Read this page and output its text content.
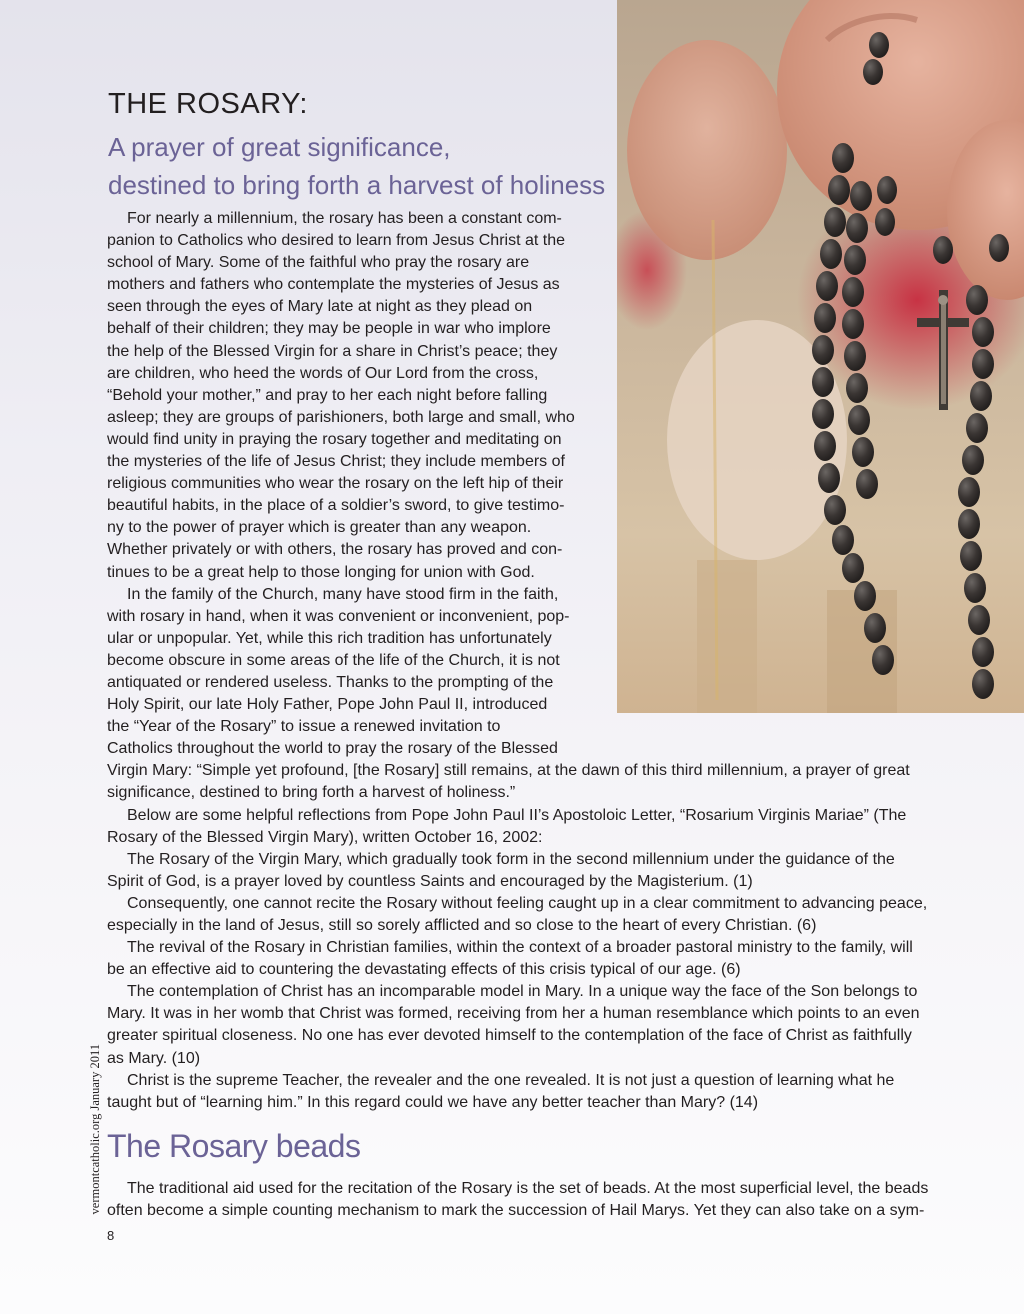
THE ROSARY:
A prayer of great significance,
destined to bring forth a harvest of holiness
For nearly a millennium, the rosary has been a constant com-
panion to Catholics who desired to learn from Jesus Christ at the
school of Mary. Some of the faithful who pray the rosary are
mothers and fathers who contemplate the mysteries of Jesus as
seen through the eyes of Mary late at night as they plead on
behalf of their children; they may be people in war who implore
the help of the Blessed Virgin for a share in Christ’s peace; they
are children, who heed the words of Our Lord from the cross,
“Behold your mother,” and pray to her each night before falling
asleep; they are groups of parishioners, both large and small, who
would find unity in praying the rosary together and meditating on
the mysteries of the life of Jesus Christ; they include members of
religious communities who wear the rosary on the left hip of their
beautiful habits, in the place of a soldier’s sword, to give testimo-
ny to the power of prayer which is greater than any weapon.
Whether privately or with others, the rosary has proved and con-
tinues to be a great help to those longing for union with God.
In the family of the Church, many have stood firm in the faith,
with rosary in hand, when it was convenient or inconvenient, pop-
ular or unpopular. Yet, while this rich tradition has unfortunately
become obscure in some areas of the life of the Church, it is not
antiquated or rendered useless. Thanks to the prompting of the
Holy Spirit, our late Holy Father, Pope John Paul II, introduced
the “Year of the Rosary” to issue a renewed invitation to
Catholics throughout the world to pray the rosary of the Blessed
Virgin Mary: “Simple yet profound, [the Rosary] still remains, at the dawn of this third millennium, a prayer of great
significance, destined to bring forth a harvest of holiness.”
Below are some helpful reflections from Pope John Paul II’s Apostoloic Letter, “Rosarium Virginis Mariae” (The
Rosary of the Blessed Virgin Mary), written October 16, 2002:
The Rosary of the Virgin Mary, which gradually took form in the second millennium under the guidance of the
Spirit of God, is a prayer loved by countless Saints and encouraged by the Magisterium. (1)
Consequently, one cannot recite the Rosary without feeling caught up in a clear commitment to advancing peace,
especially in the land of Jesus, still so sorely afflicted and so close to the heart of every Christian. (6)
The revival of the Rosary in Christian families, within the context of a broader pastoral ministry to the family, will
be an effective aid to countering the devastating effects of this crisis typical of our age. (6)
The contemplation of Christ has an incomparable model in Mary. In a unique way the face of the Son belongs to
Mary. It was in her womb that Christ was formed, receiving from her a human resemblance which points to an even
greater spiritual closeness. No one has ever devoted himself to the contemplation of the face of Christ as faithfully
as Mary. (10)
Christ is the supreme Teacher, the revealer and the one revealed. It is not just a question of learning what he
taught but of “learning him.” In this regard could we have any better teacher than Mary? (14)
The Rosary beads
The traditional aid used for the recitation of the Rosary is the set of beads. At the most superficial level, the beads
often become a simple counting mechanism to mark the succession of Hail Marys. Yet they can also take on a sym-
vermontcatholic.org January 2011
8
